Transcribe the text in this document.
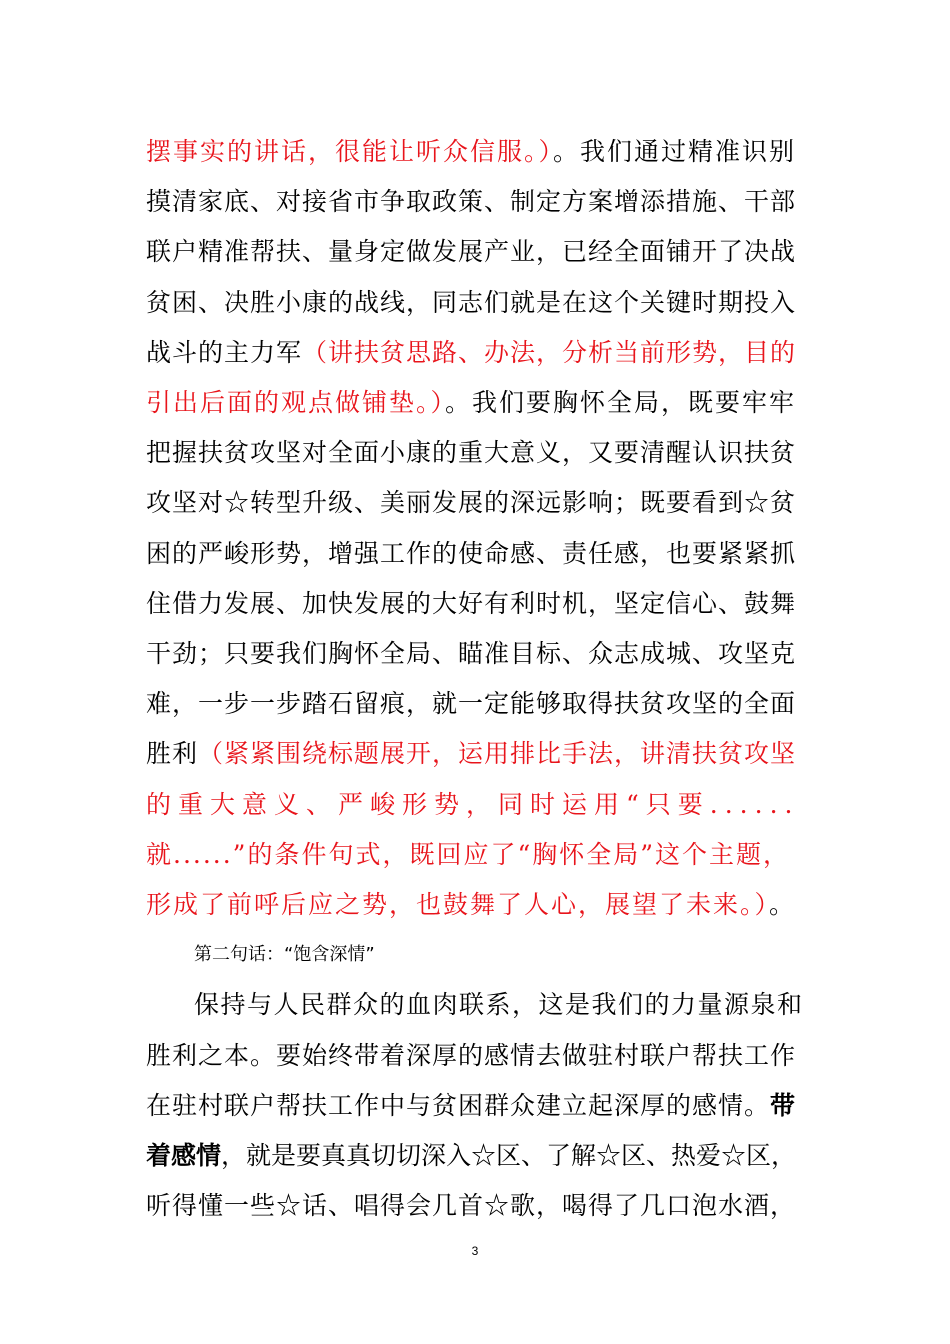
摆事实的讲话，很能让听众信服。）。我们通过精准识别
摸清家底、对接省市争取政策、制定方案增添措施、干部
联户精准帮扶、量身定做发展产业，已经全面铺开了决战
贫困、决胜小康的战线，同志们就是在这个关键时期投入
战斗的主力军（讲扶贫思路、办法，分析当前形势，目的
引出后面的观点做铺垫。）。我们要胸怀全局，既要牢牢
把握扶贫攻坚对全面小康的重大意义，又要清醒认识扶贫
攻坚对☆转型升级、美丽发展的深远影响；既要看到☆贫
困的严峻形势，增强工作的使命感、责任感，也要紧紧抓
住借力发展、加快发展的大好有利时机，坚定信心、鼓舞
干劲；只要我们胸怀全局、瞄准目标、众志成城、攻坚克
难，一步一步踏石留痕，就一定能够取得扶贫攻坚的全面
胜利（紧紧围绕标题展开，运用排比手法，讲清扶贫攻坚
的重大意义、严峻形势，同时运用“只要......
就......”的条件句式，既回应了“胸怀全局”这个主题，
形成了前呼后应之势，也鼓舞了人心，展望了未来。）。
第二句话：“饱含深情”
保持与人民群众的血肉联系，这是我们的力量源泉和
胜利之本。要始终带着深厚的感情去做驻村联户帮扶工作
在驻村联户帮扶工作中与贫困群众建立起深厚的感情。带
着感情，就是要真真切切深入☆区、了解☆区、热爱☆区，
听得懂一些☆话、唱得会几首☆歌，喝得了几口泡水酒，
3
